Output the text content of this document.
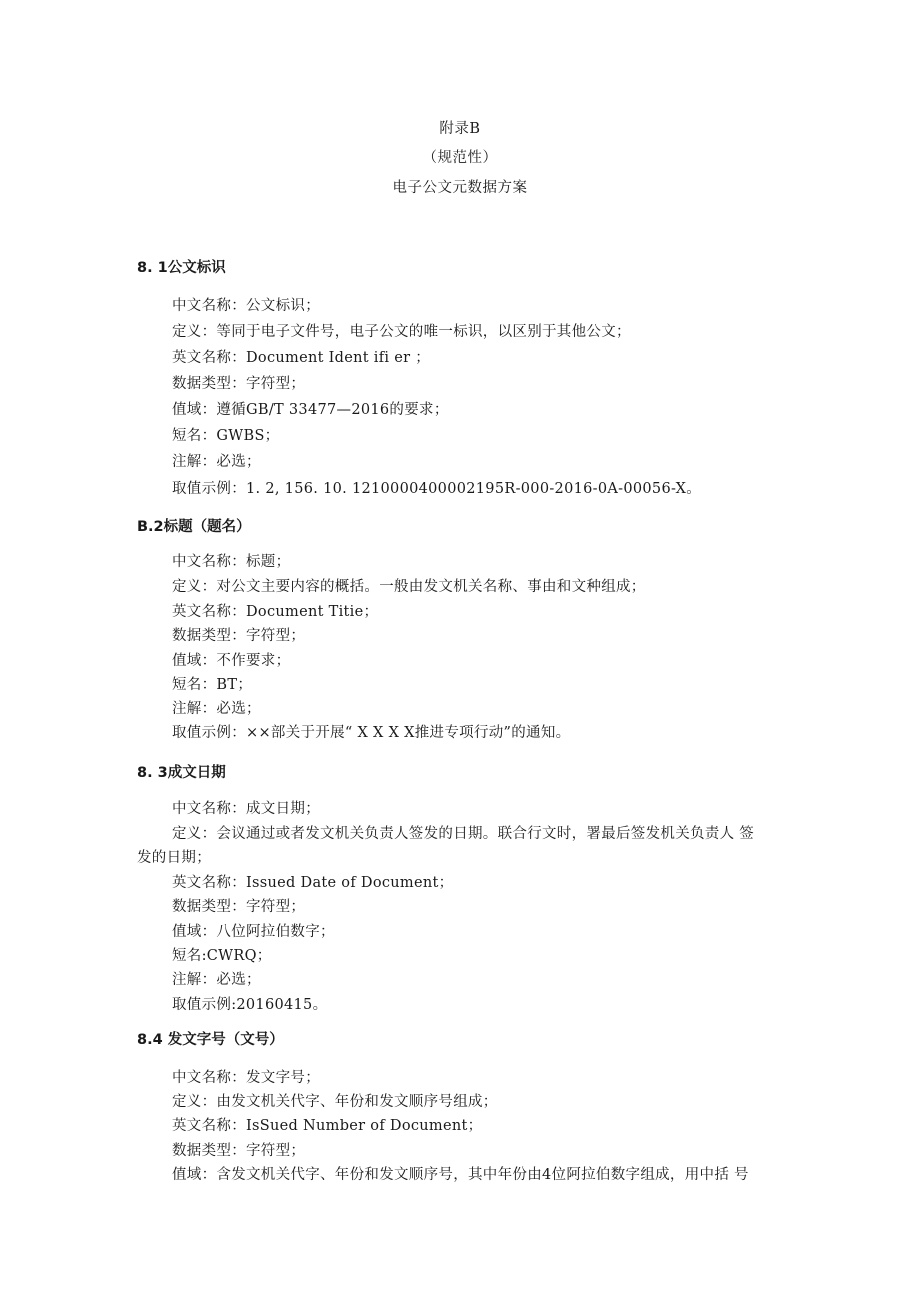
附录B
（规范性）
电子公文元数据方案
8. 1公文标识
中文名称：公文标识；
定义：等同于电子文件号，电子公文的唯一标识，以区别于其他公文；
英文名称：Document Ident ifi er ；
数据类型：字符型；
值域：遵循GB/T 33477—2016的要求；
短名：GWBS；
注解：必选；
取值示例：1. 2, 156. 10. 1210000400002195R-000-2016-0A-00056-X。
B.2标题（题名）
中文名称：标题；
定义：对公文主要内容的概括。一般由发文机关名称、事由和文种组成；
英文名称：Document Titie；
数据类型：字符型；
值域：不作要求；
短名：BT；
注解：必选；
取值示例：××部关于开展“ X X X X推进专项行动”的通知。
8. 3成文日期
中文名称：成文日期；
定义：会议通过或者发文机关负责人签发的日期。联合行文时，署最后签发机关负责人 签
发的日期；
英文名称：Issued Date of Document；
数据类型：字符型；
值域：八位阿拉伯数字；
短名:CWRQ；
注解：必选；
取值示例:20160415。
8.4 发文字号（文号）
中文名称：发文字号；
定义：由发文机关代字、年份和发文顺序号组成；
英文名称：IsSued Number of Document；
数据类型：字符型；
值域：含发文机关代字、年份和发文顺序号，其中年份由4位阿拉伯数字组成，用中括 号
